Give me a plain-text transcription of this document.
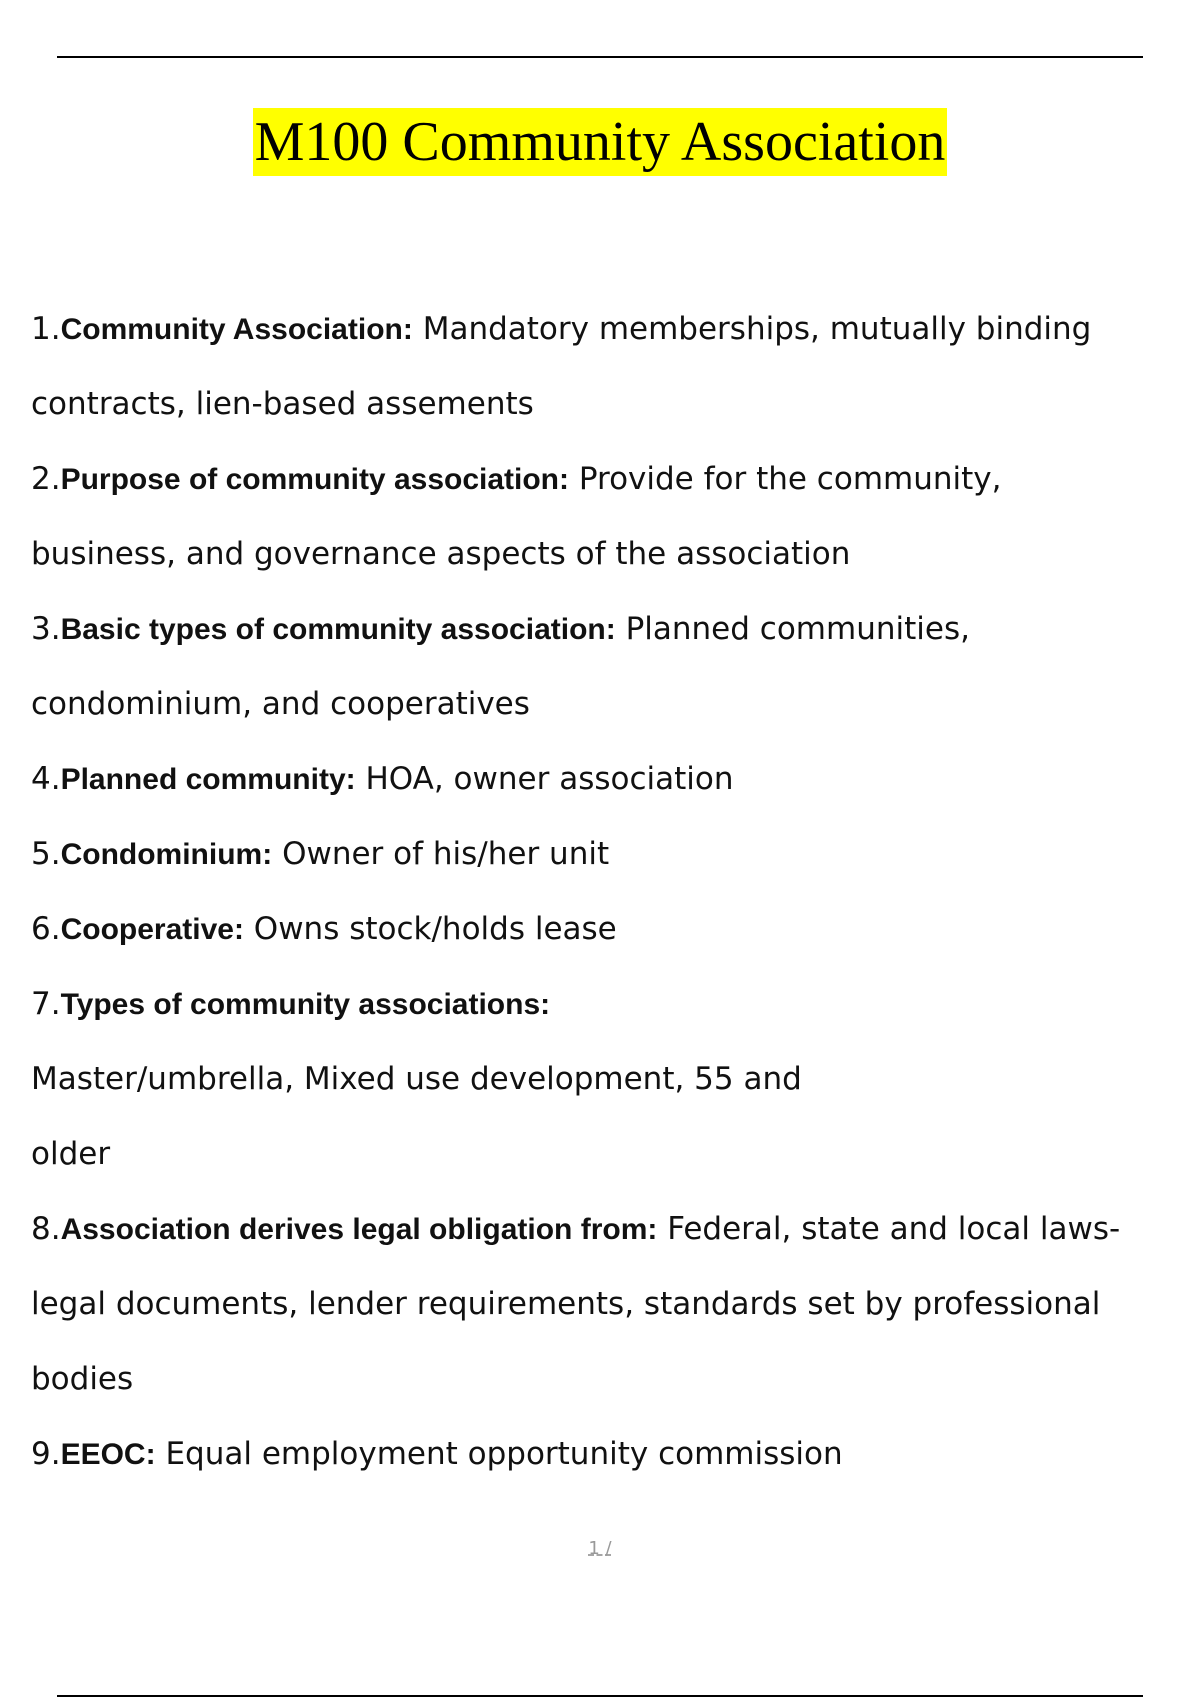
M100 Community Association
1.Community Association: Mandatory memberships, mutually binding
contracts, lien-based assements
2.Purpose of community association: Provide for the community,
business, and governance aspects of the association
3.Basic types of community association: Planned communities,
condominium, and cooperatives
4.Planned community: HOA, owner association
5.Condominium: Owner of his/her unit
6.Cooperative: Owns stock/holds lease
7.Types of community associations:
Master/umbrella, Mixed use development, 55 and
older
8.Association derives legal obligation from: Federal, state and local laws-
legal documents, lender requirements, standards set by professional
bodies
9.EEOC: Equal employment opportunity commission
1 /
